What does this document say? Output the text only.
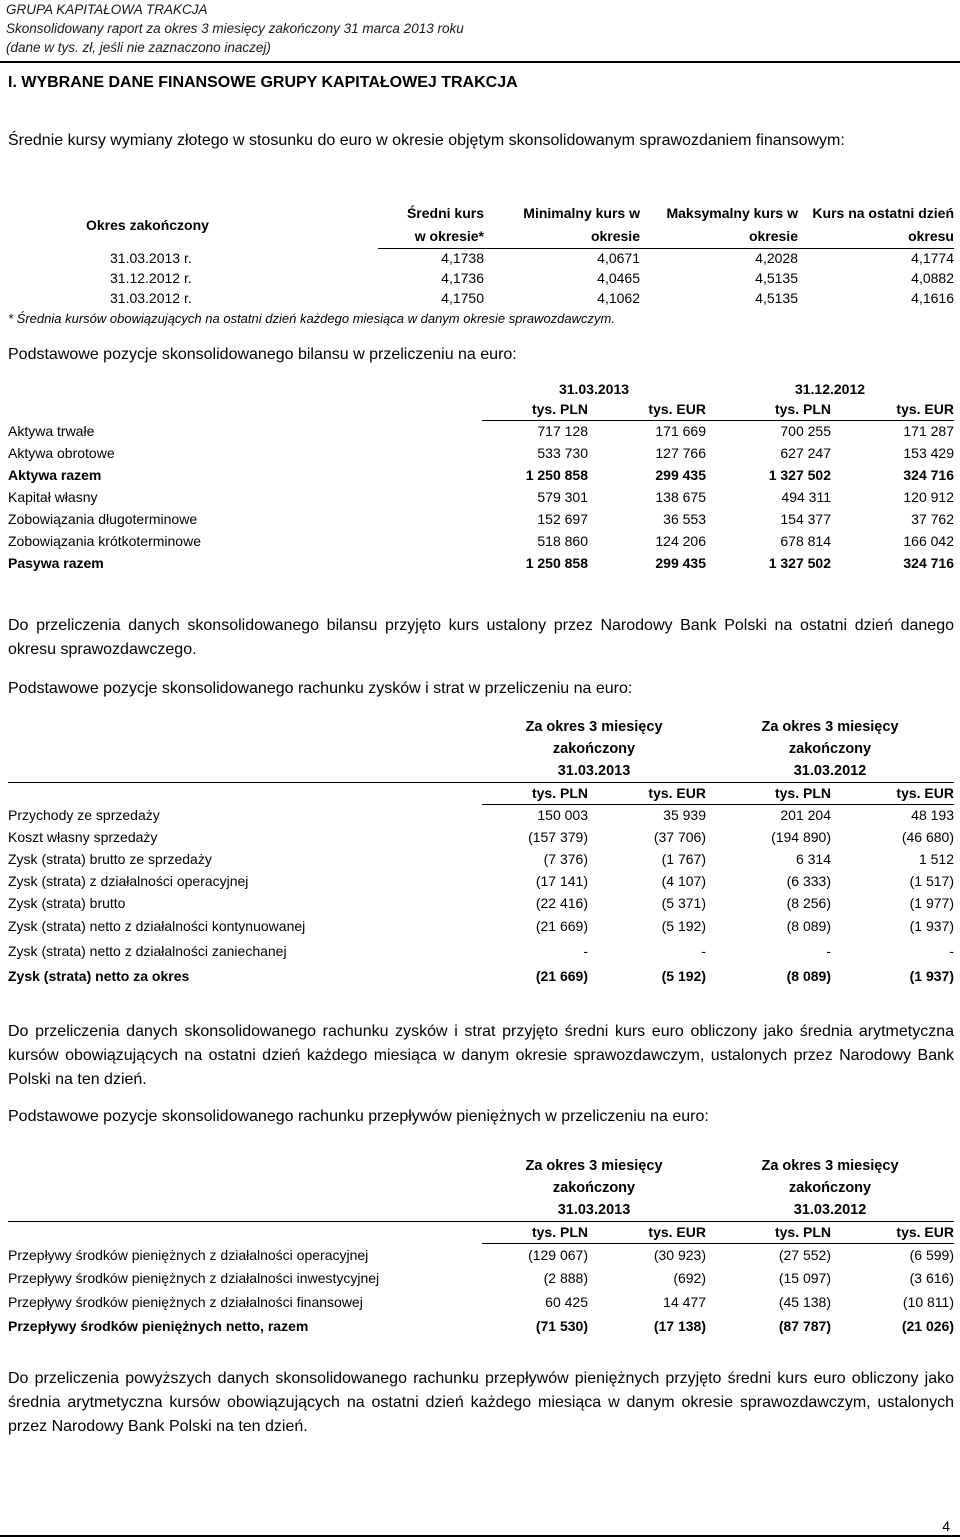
GRUPA KAPITAŁOWA TRAKCJA
Skonsolidowany raport za okres 3 miesięcy zakończony 31 marca 2013 roku
(dane w tys. zł, jeśli nie zaznaczono inaczej)
I. WYBRANE DANE FINANSOWE GRUPY KAPITAŁOWEJ TRAKCJA
Średnie kursy wymiany złotego w stosunku do euro w okresie objętym skonsolidowanym sprawozdaniem finansowym:
Okres zakończony	Średni kurs	Minimalny kurs w	Maksymalny kurs w	Kurs na ostatni dzień
	w okresie*	okresie	okresie	okresu
31.03.2013 r.	4,1738	4,0671	4,2028	4,1774
31.12.2012 r.	4,1736	4,0465	4,5135	4,0882
31.03.2012 r.	4,1750	4,1062	4,5135	4,1616
* Średnia kursów obowiązujących na ostatni dzień każdego miesiąca w danym okresie sprawozdawczym.
Podstawowe pozycje skonsolidowanego bilansu w przeliczeniu na euro:
	31.03.2013		31.12.2012	
	tys. PLN	tys. EUR	tys. PLN	tys. EUR
Aktywa trwałe	717 128	171 669	700 255	171 287
Aktywa obrotowe	533 730	127 766	627 247	153 429
Aktywa razem	1 250 858	299 435	1 327 502	324 716
Kapitał własny	579 301	138 675	494 311	120 912
Zobowiązania długoterminowe	152 697	36 553	154 377	37 762
Zobowiązania krótkoterminowe	518 860	124 206	678 814	166 042
Pasywa razem	1 250 858	299 435	1 327 502	324 716
Do przeliczenia danych skonsolidowanego bilansu przyjęto kurs ustalony przez Narodowy Bank Polski na ostatni dzień danego okresu sprawozdawczego.
Podstawowe pozycje skonsolidowanego rachunku zysków i strat w przeliczeniu na euro:
	Za okres 3 miesięcy		Za okres 3 miesięcy	
	zakończony		zakończony	
	31.03.2013		31.03.2012	
	tys. PLN	tys. EUR	tys. PLN	tys. EUR
Przychody ze sprzedaży	150 003	35 939	201 204	48 193
Koszt własny sprzedaży	(157 379)	(37 706)	(194 890)	(46 680)
Zysk (strata) brutto ze sprzedaży	(7 376)	(1 767)	6 314	1 512
Zysk (strata) z działalności operacyjnej	(17 141)	(4 107)	(6 333)	(1 517)
Zysk (strata) brutto	(22 416)	(5 371)	(8 256)	(1 977)
Zysk (strata) netto z działalności kontynuowanej	(21 669)	(5 192)	(8 089)	(1 937)
Zysk (strata) netto z działalności zaniechanej	-	-	-	-
Zysk (strata) netto za okres	(21 669)	(5 192)	(8 089)	(1 937)
Do przeliczenia danych skonsolidowanego rachunku zysków i strat przyjęto średni kurs euro obliczony jako średnia arytmetyczna kursów obowiązujących na ostatni dzień każdego miesiąca w danym okresie sprawozdawczym, ustalonych przez Narodowy Bank Polski na ten dzień.
Podstawowe pozycje skonsolidowanego rachunku przepływów pieniężnych w przeliczeniu na euro:
	Za okres 3 miesięcy		Za okres 3 miesięcy	
	zakończony		zakończony	
	31.03.2013		31.03.2012	
	tys. PLN	tys. EUR	tys. PLN	tys. EUR
Przepływy środków pieniężnych z działalności operacyjnej	(129 067)	(30 923)	(27 552)	(6 599)
Przepływy środków pieniężnych z działalności inwestycyjnej	(2 888)	(692)	(15 097)	(3 616)
Przepływy środków pieniężnych z działalności finansowej	60 425	14 477	(45 138)	(10 811)
Przepływy środków pieniężnych netto, razem	(71 530)	(17 138)	(87 787)	(21 026)
Do przeliczenia powyższych danych skonsolidowanego rachunku przepływów pieniężnych przyjęto średni kurs euro obliczony jako średnia arytmetyczna kursów obowiązujących na ostatni dzień każdego miesiąca w danym okresie sprawozdawczym, ustalonych przez Narodowy Bank Polski na ten dzień.
4
